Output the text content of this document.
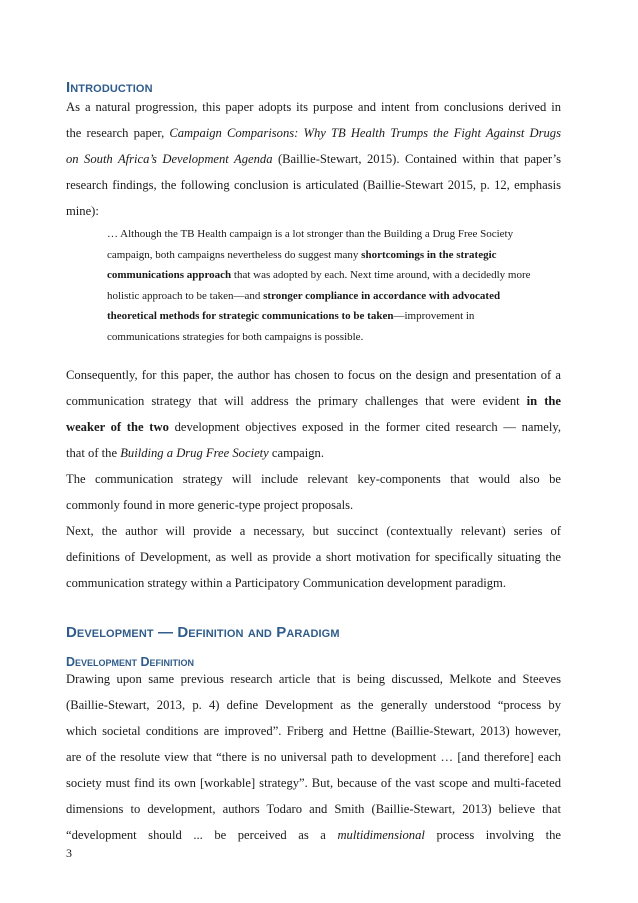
Introduction
As a natural progression, this paper adopts its purpose and intent from conclusions derived in
the research paper, Campaign Comparisons: Why TB Health Trumps the Fight Against Drugs
on South Africa’s Development Agenda (Baillie-Stewart, 2015). Contained within that paper’s
research findings, the following conclusion is articulated (Baillie-Stewart 2015, p. 12, emphasis
mine):
… Although the TB Health campaign is a lot stronger than the Building a Drug Free Society
campaign, both campaigns nevertheless do suggest many shortcomings in the strategic
communications approach that was adopted by each. Next time around, with a decidedly more
holistic approach to be taken—and stronger compliance in accordance with advocated
theoretical methods for strategic communications to be taken—improvement in
communications strategies for both campaigns is possible.
Consequently, for this paper, the author has chosen to focus on the design and presentation of a
communication strategy that will address the primary challenges that were evident in the
weaker of the two development objectives exposed in the former cited research — namely,
that of the Building a Drug Free Society campaign.
The communication strategy will include relevant key-components that would also be
commonly found in more generic-type project proposals.
Next, the author will provide a necessary, but succinct (contextually relevant) series of
definitions of Development, as well as provide a short motivation for specifically situating the
communication strategy within a Participatory Communication development paradigm.
Development — Definition and Paradigm
Development Definition
Drawing upon same previous research article that is being discussed, Melkote and Steeves
(Baillie-Stewart, 2013, p. 4) define Development as the generally understood “process by
which societal conditions are improved”. Friberg and Hettne (Baillie-Stewart, 2013) however,
are of the resolute view that “there is no universal path to development … [and therefore] each
society must find its own [workable] strategy”. But, because of the vast scope and multi-faceted
dimensions to development, authors Todaro and Smith (Baillie-Stewart, 2013) believe that
“development should ... be perceived as a multidimensional process involving the
3
